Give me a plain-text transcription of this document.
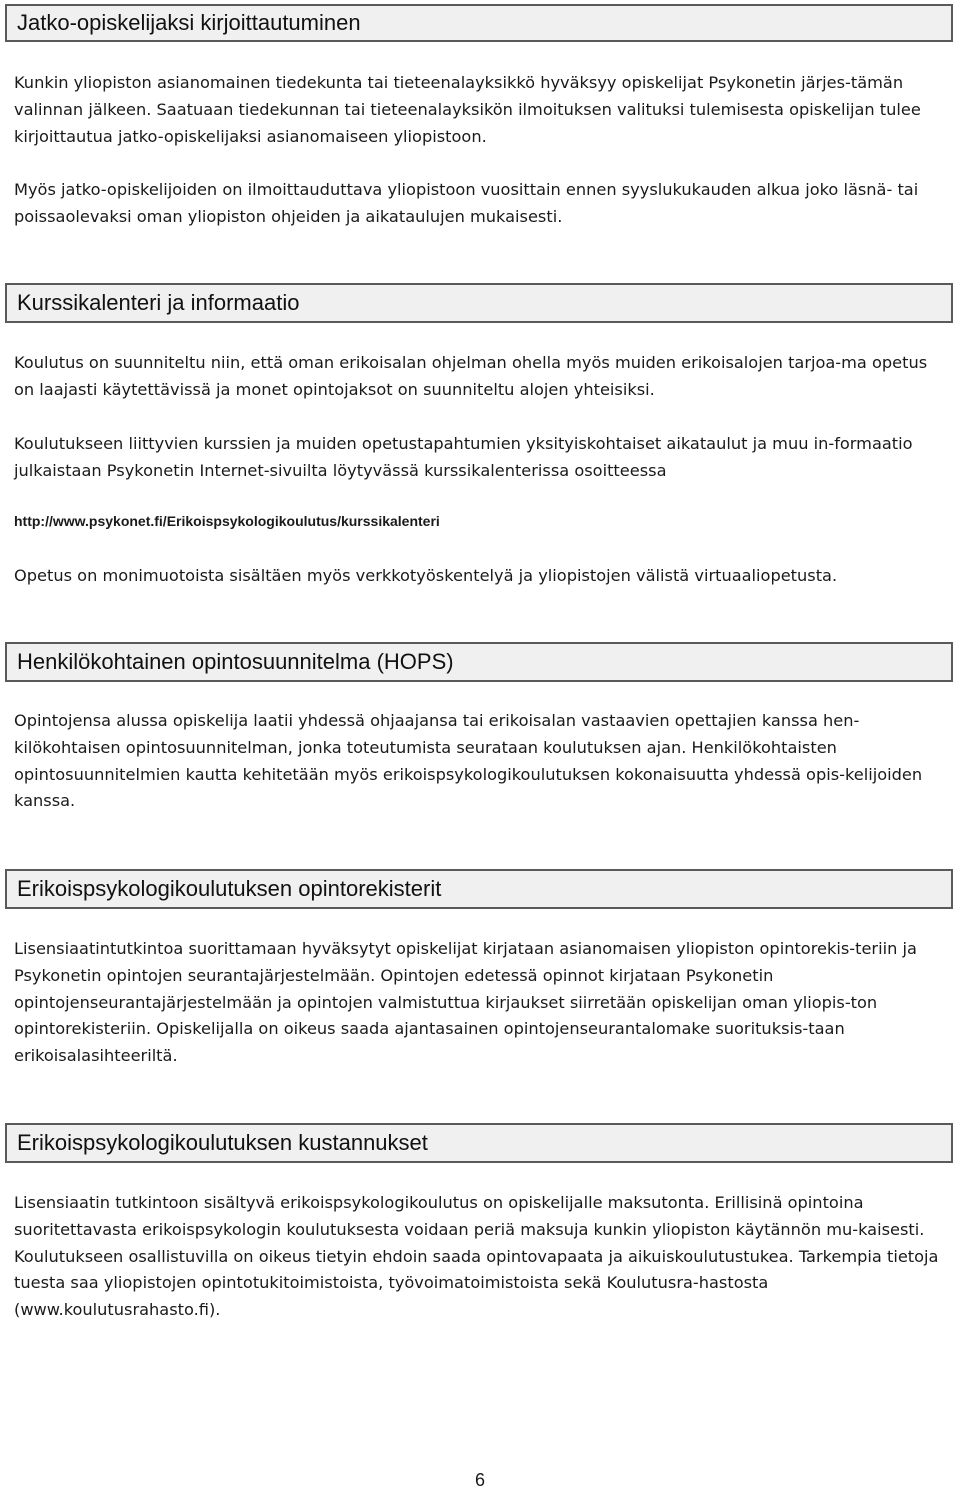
Jatko-opiskelijaksi kirjoittautuminen

Kunkin yliopiston asianomainen tiedekunta tai tieteenalayksikkö hyväksyy opiskelijat Psykonetin järjes-tämän valinnan jälkeen. Saatuaan tiedekunnan tai tieteenalayksikön ilmoituksen valituksi tulemisesta opiskelijan tulee kirjoittautua jatko-opiskelijaksi asianomaiseen yliopistoon.

Myös jatko-opiskelijoiden on ilmoittauduttava yliopistoon vuosittain ennen syyslukukauden alkua joko läsnä- tai poissaolevaksi oman yliopiston ohjeiden ja aikataulujen mukaisesti.

Kurssikalenteri ja informaatio

Koulutus on suunniteltu niin, että oman erikoisalan ohjelman ohella myös muiden erikoisalojen tarjoa-ma opetus on laajasti käytettävissä ja monet opintojaksot on suunniteltu alojen yhteisiksi.

Koulutukseen liittyvien kurssien ja muiden opetustapahtumien yksityiskohtaiset aikataulut ja muu in-formaatio julkaistaan Psykonetin Internet-sivuilta löytyvässä kurssikalenterissa osoitteessa

http://www.psykonet.fi/Erikoispsykologikoulutus/kurssikalenteri

Opetus on monimuotoista sisältäen myös verkkotyöskentelyä ja yliopistojen välistä virtuaaliopetusta.

Henkilökohtainen opintosuunnitelma (HOPS)

Opintojensa alussa opiskelija laatii yhdessä ohjaajansa tai erikoisalan vastaavien opettajien kanssa hen-kilökohtaisen opintosuunnitelman, jonka toteutumista seurataan koulutuksen ajan. Henkilökohtaisten opintosuunnitelmien kautta kehitetään myös erikoispsykologikoulutuksen kokonaisuutta yhdessä opis-kelijoiden kanssa.

Erikoispsykologikoulutuksen opintorekisterit

Lisensiaatintutkintoa suorittamaan hyväksytyt opiskelijat kirjataan asianomaisen yliopiston opintorekis-teriin ja Psykonetin opintojen seurantajärjestelmään. Opintojen edetessä opinnot kirjataan Psykonetin opintojenseurantajärjestelmään ja opintojen valmistuttua kirjaukset siirretään opiskelijan oman yliopis-ton opintorekisteriin. Opiskelijalla on oikeus saada ajantasainen opintojenseurantalomake suorituksis-taan erikoisalasihteeriltä.

Erikoispsykologikoulutuksen kustannukset

Lisensiaatin tutkintoon sisältyvä erikoispsykologikoulutus on opiskelijalle maksutonta. Erillisinä opintoina suoritettavasta erikoispsykologin koulutuksesta voidaan periä maksuja kunkin yliopiston käytännön mu-kaisesti. Koulutukseen osallistuvilla on oikeus tietyin ehdoin saada opintovapaata ja aikuiskoulutustukea. Tarkempia tietoja tuesta saa yliopistojen opintotukitoimistoista, työvoimatoimistoista sekä Koulutusra-hastosta (www.koulutusrahasto.fi).

6
